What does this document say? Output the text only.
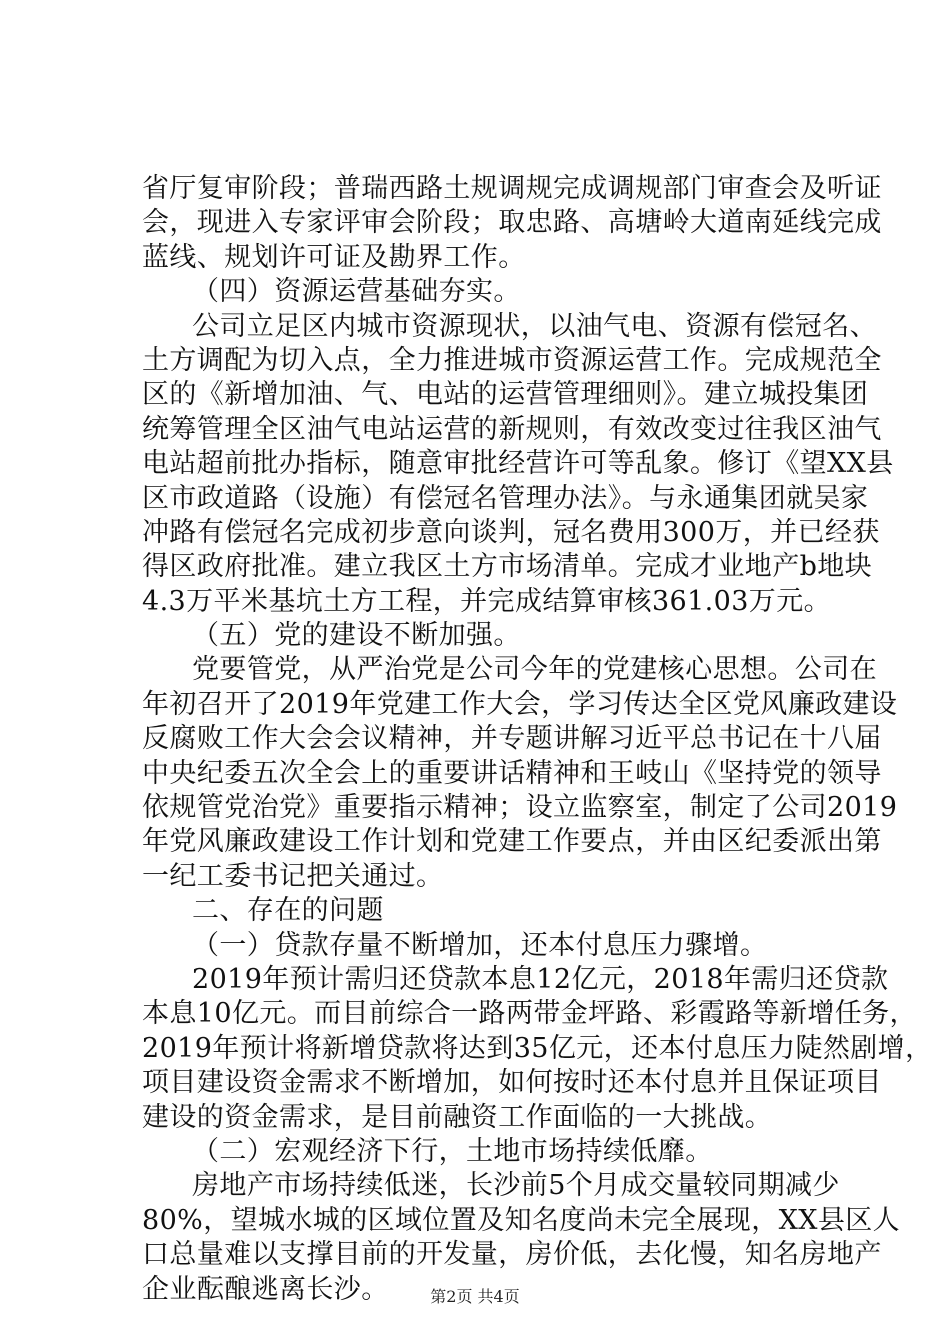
省厅复审阶段；普瑞西路土规调规完成调规部门审查会及听证
会，现进入专家评审会阶段；取忠路、高塘岭大道南延线完成
蓝线、规划许可证及勘界工作。
（四）资源运营基础夯实。
公司立足区内城市资源现状，以油气电、资源有偿冠名、
土方调配为切入点，全力推进城市资源运营工作。完成规范全
区的《新增加油、气、电站的运营管理细则》。建立城投集团
统筹管理全区油气电站运营的新规则，有效改变过往我区油气
电站超前批办指标，随意审批经营许可等乱象。修订《望XX县
区市政道路（设施）有偿冠名管理办法》。与永通集团就吴家
冲路有偿冠名完成初步意向谈判，冠名费用300万，并已经获
得区政府批准。建立我区土方市场清单。完成才业地产b地块
4.3万平米基坑土方工程，并完成结算审核361.03万元。
（五）党的建设不断加强。
党要管党，从严治党是公司今年的党建核心思想。公司在
年初召开了2019年党建工作大会，学习传达全区党风廉政建设
反腐败工作大会会议精神，并专题讲解习近平总书记在十八届
中央纪委五次全会上的重要讲话精神和王岐山《坚持党的领导
依规管党治党》重要指示精神；设立监察室，制定了公司2019
年党风廉政建设工作计划和党建工作要点，并由区纪委派出第
一纪工委书记把关通过。
二、存在的问题
（一）贷款存量不断增加，还本付息压力骤增。
2019年预计需归还贷款本息12亿元，2018年需归还贷款
本息10亿元。而目前综合一路两带金坪路、彩霞路等新增任务，
2019年预计将新增贷款将达到35亿元，还本付息压力陡然剧增，
项目建设资金需求不断增加，如何按时还本付息并且保证项目
建设的资金需求，是目前融资工作面临的一大挑战。
（二）宏观经济下行，土地市场持续低靡。
房地产市场持续低迷，长沙前5个月成交量较同期减少
80%，望城水城的区域位置及知名度尚未完全展现，XX县区人
口总量难以支撑目前的开发量，房价低，去化慢，知名房地产
企业酝酿逃离长沙。	第2页 共4页
